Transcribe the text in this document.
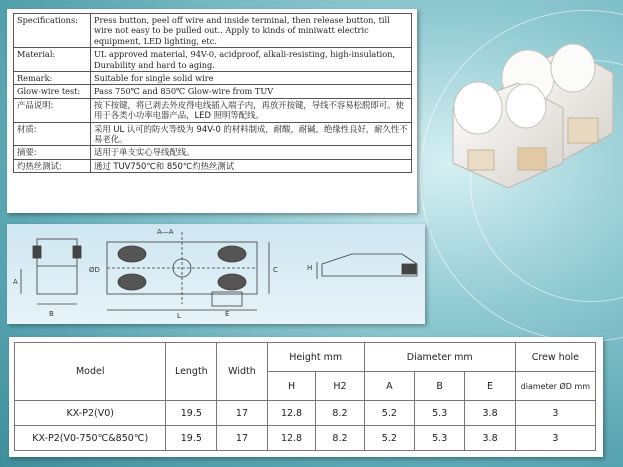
Specifications:	Press button, peel off wire and inside terminal, then release button, till wire not easy to be pulled out.. Apply to kinds of miniwatt electric equipment, LED lighting, etc.
Material:	UL approved material, 94V-0, acidproof, alkali-resisting, high-insulation, Durability and hard to aging.
Remark:	Suitable for single solid wire
Glow-wire test:	Pass 750℃ and 850℃ Glow-wire from TUV
产品说明:	按下按键，将已剥去外皮得电线插入端子内，再放开按键，导线不容易松脱即可。使用于各类小功率电器产品，LED 照明等配线。
材质:	采用 UL 认可的防火等级为 94V-0 的材料制成，耐酸，耐碱，绝缘性良好，耐久性不易老化。
摘要:	适用于单支实心导线配线。
灼热丝测试:	通过 TUV750℃和 850℃灼热丝测试
A—A
B
A
L
ØD	C
E
H
Model	Length	Width	Height mm		Diameter mm			Crew hole
			H	H2	A	B	E	diameter ØD mm
KX-P2(V0)	19.5	17	12.8	8.2	5.2	5.3	3.8	3
KX-P2(V0-750℃&850℃)	19.5	17	12.8	8.2	5.2	5.3	3.8	3
